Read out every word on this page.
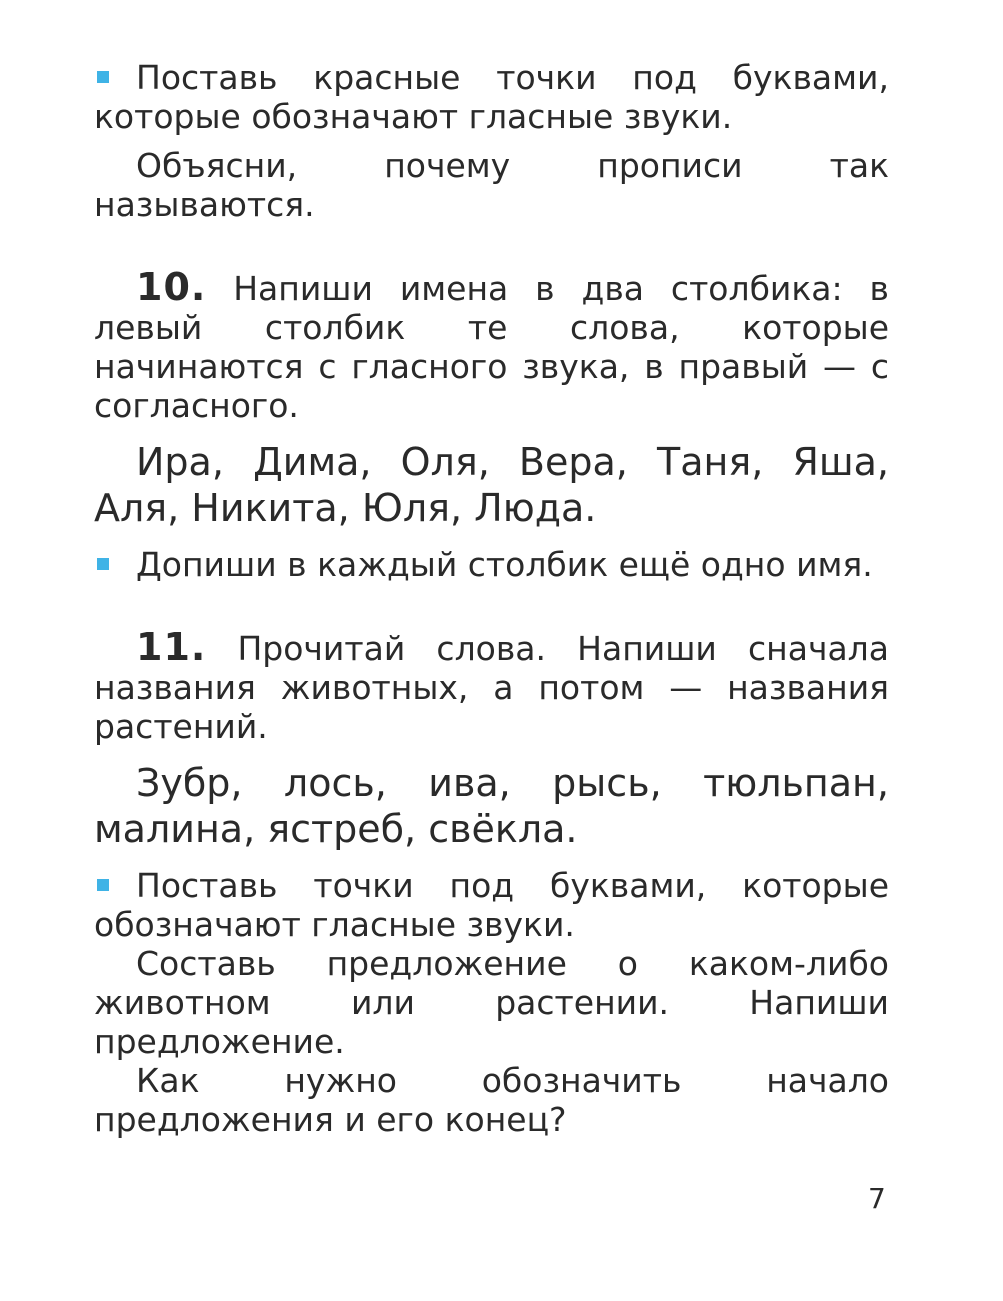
Поставь красные точки под буквами, которые обозначают гласные звуки.

Объясни, почему прописи так называются.

10. Напиши имена в два столбика: в левый столбик те слова, которые начинаются с гласного звука, в правый — с согласного.

Ира, Дима, Оля, Вера, Таня, Яша, Аля, Никита, Юля, Люда.

Допиши в каждый столбик ещё одно имя.

11. Прочитай слова. Напиши сначала названия животных, а потом — названия растений.

Зубр, лось, ива, рысь, тюльпан, малина, ястреб, свёкла.

Поставь точки под буквами, которые обозначают гласные звуки.

Составь предложение о каком-либо животном или растении. Напиши предложение.

Как нужно обозначить начало предложения и его конец?

7
